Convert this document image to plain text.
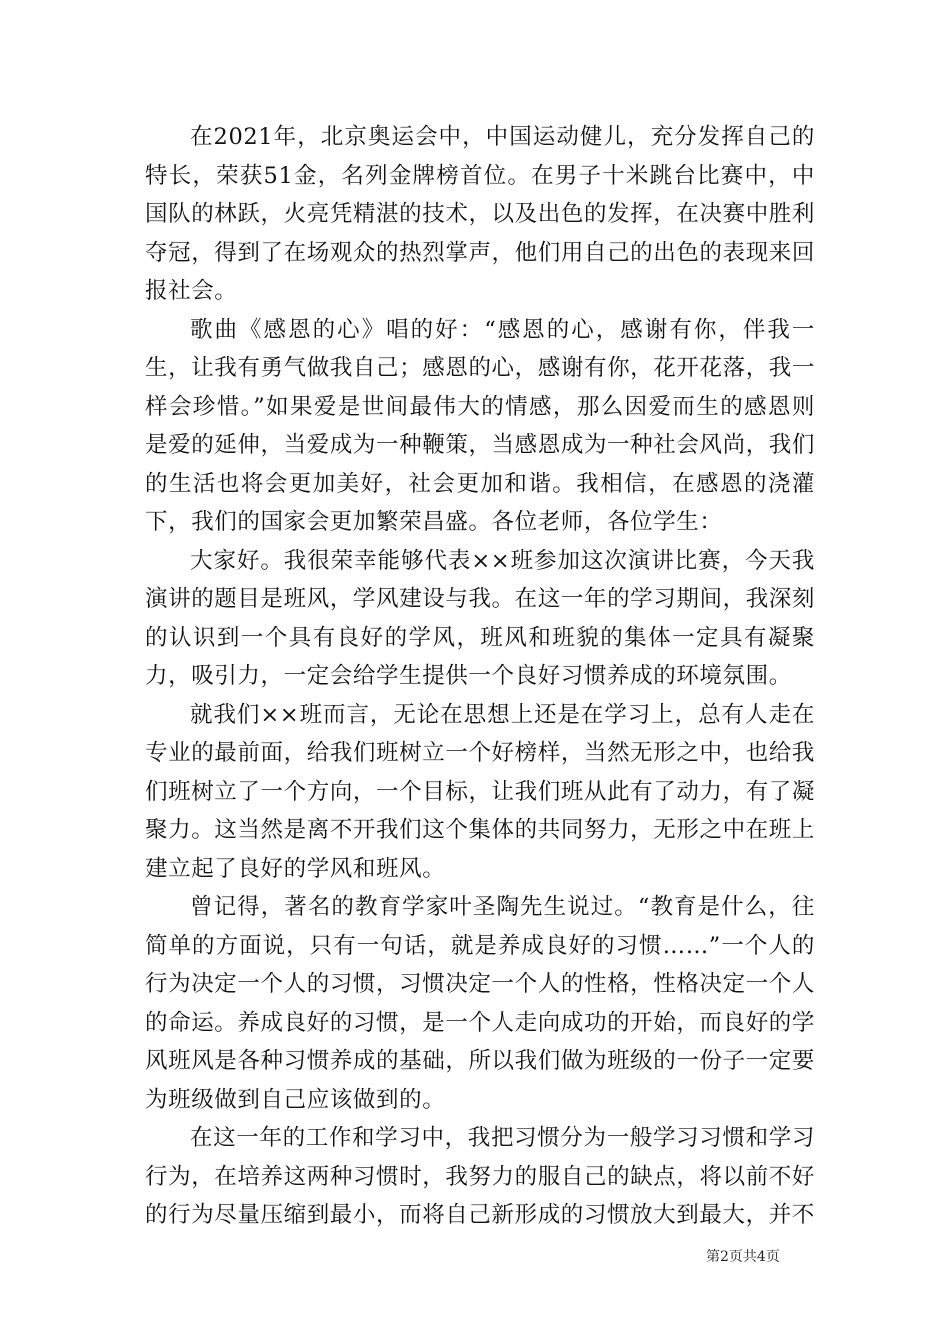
在2021年，北京奥运会中，中国运动健儿，充分发挥自己的特长，荣获51金，名列金牌榜首位。在男子十米跳台比赛中，中国队的林跃，火亮凭精湛的技术，以及出色的发挥，在决赛中胜利夺冠，得到了在场观众的热烈掌声，他们用自己的出色的表现来回报社会。

歌曲《感恩的心》唱的好：“感恩的心，感谢有你，伴我一生，让我有勇气做我自己；感恩的心，感谢有你，花开花落，我一样会珍惜。”如果爱是世间最伟大的情感，那么因爱而生的感恩则是爱的延伸，当爱成为一种鞭策，当感恩成为一种社会风尚，我们的生活也将会更加美好，社会更加和谐。我相信，在感恩的浇灌下，我们的国家会更加繁荣昌盛。各位老师，各位学生：

大家好。我很荣幸能够代表××班参加这次演讲比赛，今天我演讲的题目是班风，学风建设与我。在这一年的学习期间，我深刻的认识到一个具有良好的学风，班风和班貌的集体一定具有凝聚力，吸引力，一定会给学生提供一个良好习惯养成的环境氛围。

就我们××班而言，无论在思想上还是在学习上，总有人走在专业的最前面，给我们班树立一个好榜样，当然无形之中，也给我们班树立了一个方向，一个目标，让我们班从此有了动力，有了凝聚力。这当然是离不开我们这个集体的共同努力，无形之中在班上建立起了良好的学风和班风。

曾记得，著名的教育学家叶圣陶先生说过。“教育是什么，往简单的方面说，只有一句话，就是养成良好的习惯……”一个人的行为决定一个人的习惯，习惯决定一个人的性格，性格决定一个人的命运。养成良好的习惯，是一个人走向成功的开始，而良好的学风班风是各种习惯养成的基础，所以我们做为班级的一份子一定要为班级做到自己应该做到的。

在这一年的工作和学习中，我把习惯分为一般学习习惯和学习行为，在培养这两种习惯时，我努力的服自己的缺点，将以前不好的行为尽量压缩到最小，而将自己新形成的习惯放大到最大，并不

第2页共4页
